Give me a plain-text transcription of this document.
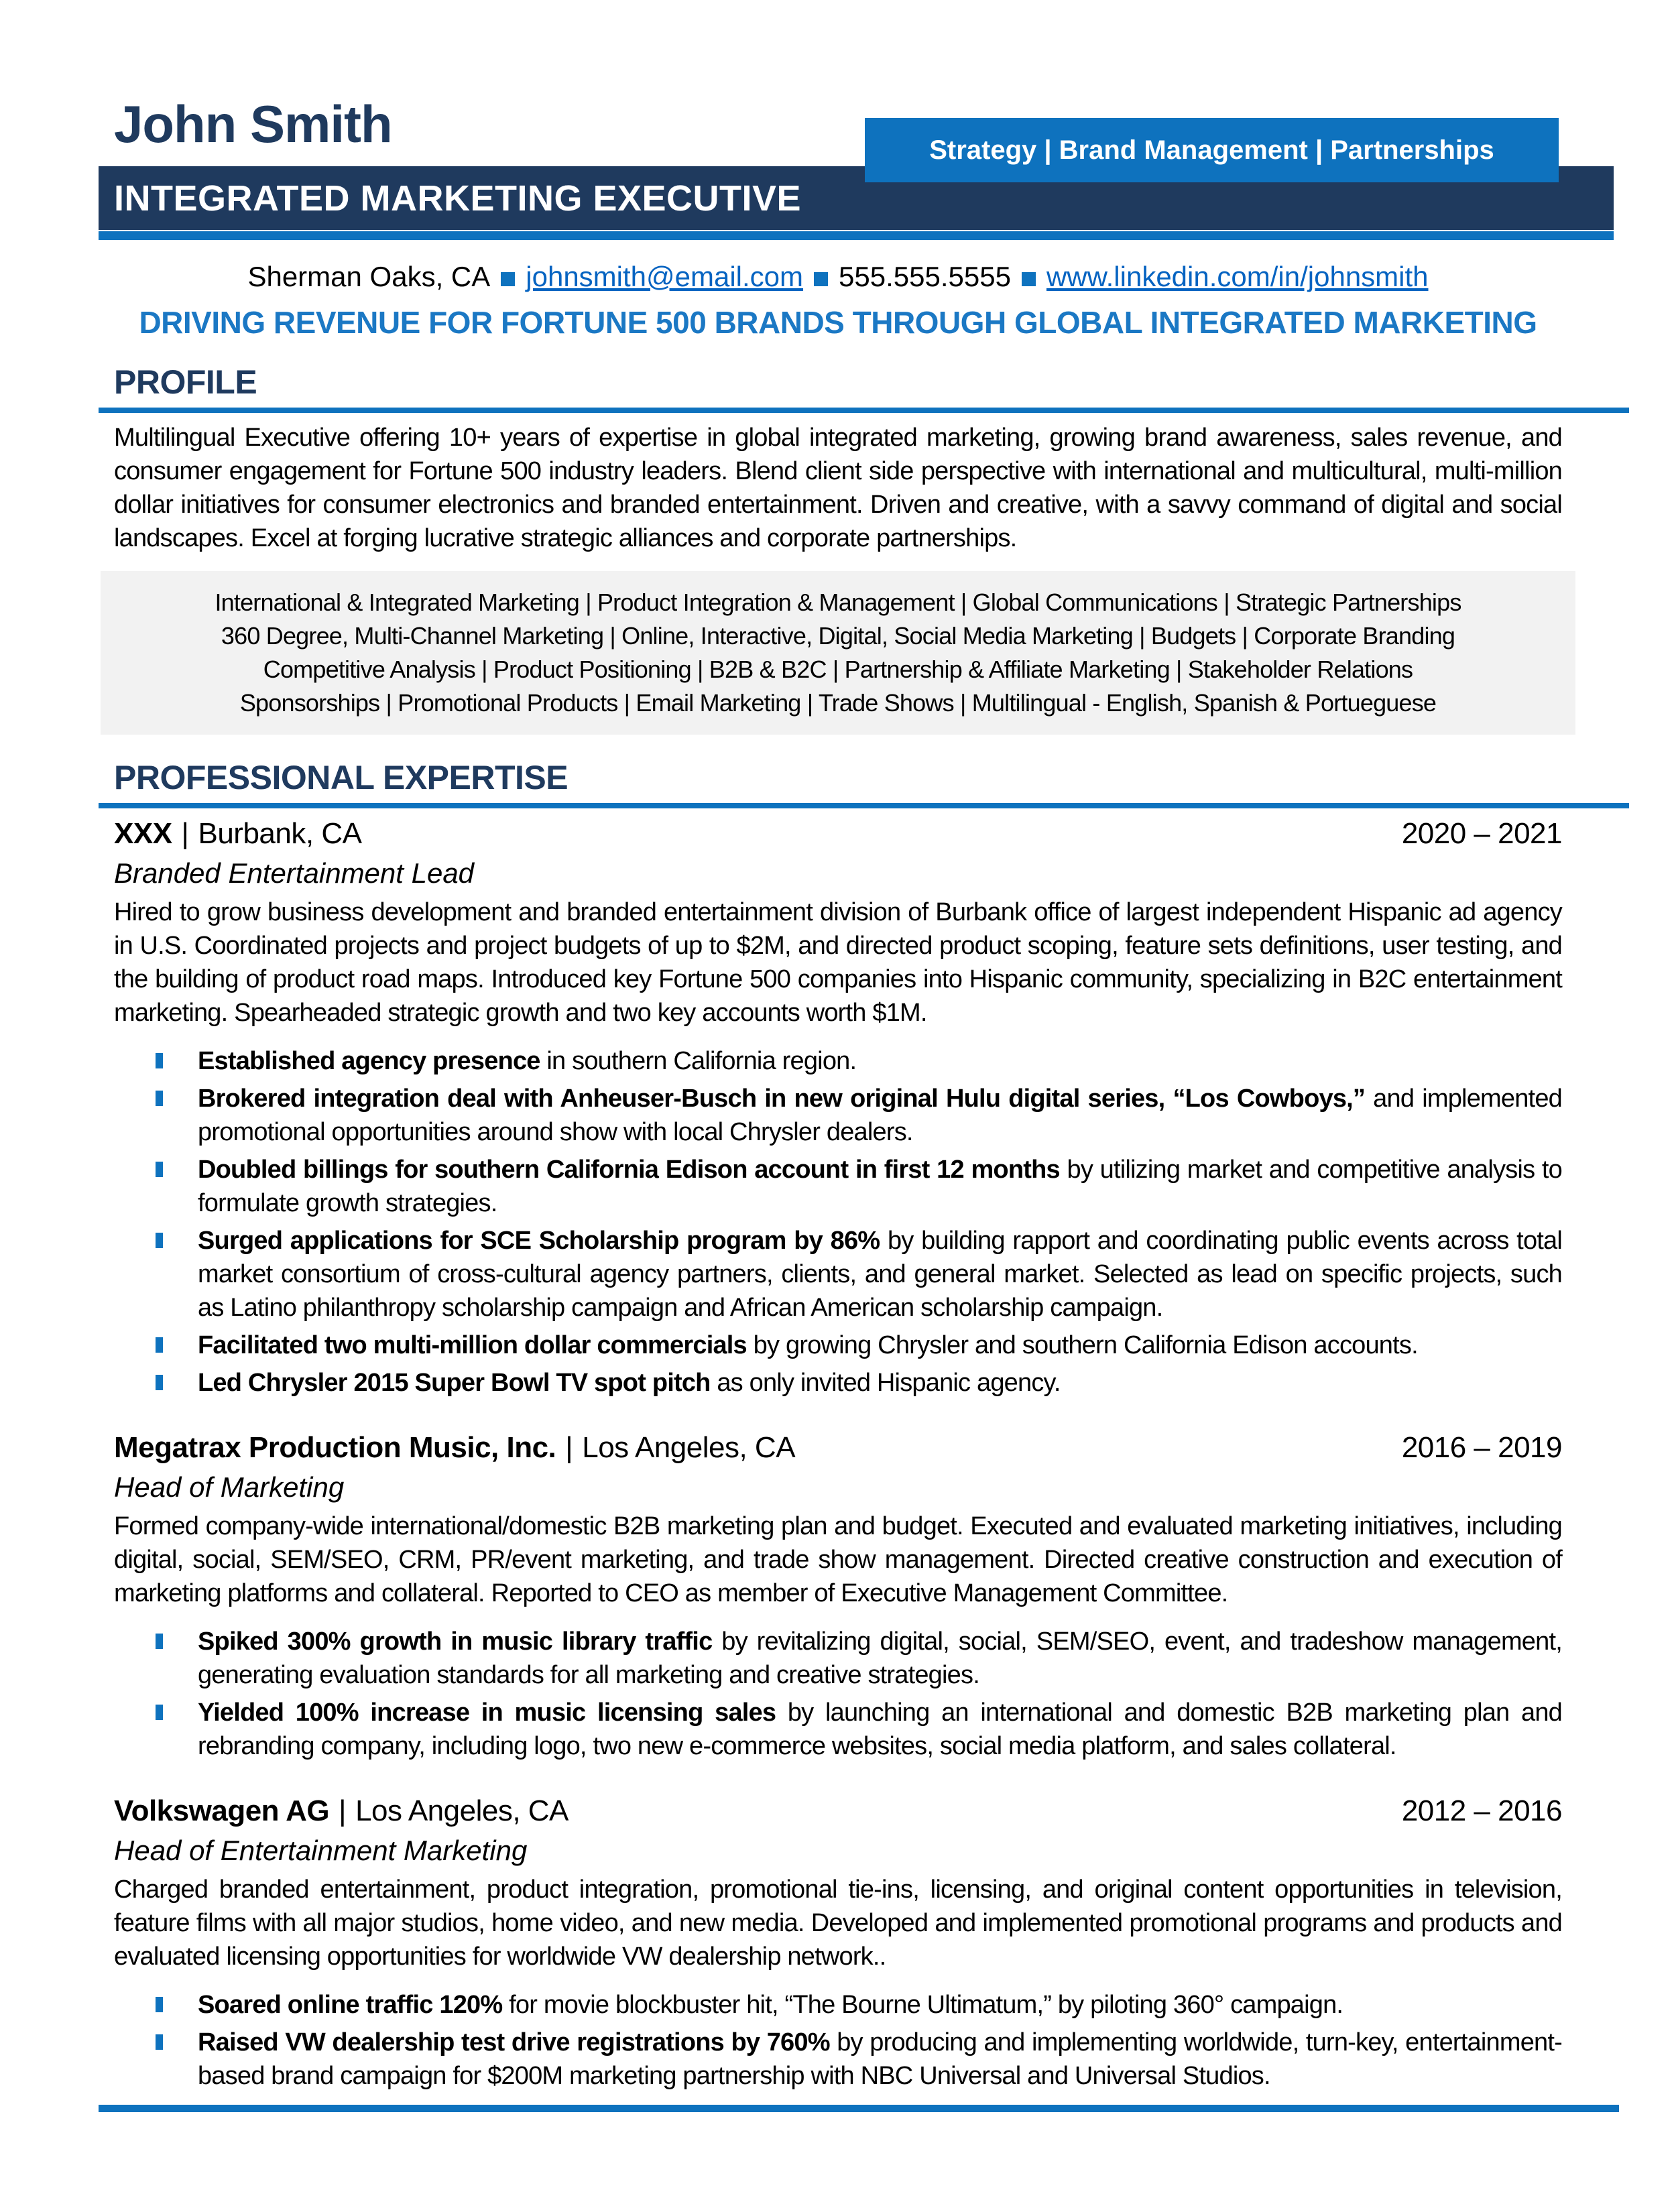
John Smith	Strategy | Brand Management | Partnerships
INTEGRATED MARKETING EXECUTIVE
Sherman Oaks, CA johnsmith@email.com 555.555.5555 www.linkedin.com/in/johnsmith
DRIVING REVENUE FOR FORTUNE 500 BRANDS THROUGH GLOBAL INTEGRATED MARKETING
PROFILE

Multilingual Executive offering 10+ years of expertise in global integrated marketing, growing brand awareness, sales revenue, and consumer engagement for Fortune 500 industry leaders. Blend client side perspective with international and multicultural, multi-million dollar initiatives for consumer electronics and branded entertainment. Driven and creative, with a savvy command of digital and social landscapes. Excel at forging lucrative strategic alliances and corporate partnerships.

International & Integrated Marketing | Product Integration & Management | Global Communications | Strategic Partnerships
360 Degree, Multi-Channel Marketing | Online, Interactive, Digital, Social Media Marketing | Budgets | Corporate Branding
Competitive Analysis | Product Positioning | B2B & B2C | Partnership & Affiliate Marketing | Stakeholder Relations
Sponsorships | Promotional Products | Email Marketing | Trade Shows | Multilingual - English, Spanish & Portueguese
PROFESSIONAL EXPERTISE
XXX | Burbank, CA	2020 – 2021
Branded Entertainment Lead

Hired to grow business development and branded entertainment division of Burbank office of largest independent Hispanic ad agency in U.S. Coordinated projects and project budgets of up to $2M, and directed product scoping, feature sets definitions, user testing, and the building of product road maps. Introduced key Fortune 500 companies into Hispanic community, specializing in B2C entertainment marketing. Spearheaded strategic growth and two key accounts worth $1M.

Established agency presence in southern California region.

Brokered integration deal with Anheuser-Busch in new original Hulu digital series, “Los Cowboys,” and implemented promotional opportunities around show with local Chrysler dealers.

Doubled billings for southern California Edison account in first 12 months by utilizing market and competitive analysis to formulate growth strategies.

Surged applications for SCE Scholarship program by 86% by building rapport and coordinating public events across total market consortium of cross-cultural agency partners, clients, and general market. Selected as lead on specific projects, such as Latino philanthropy scholarship campaign and African American scholarship campaign.

Facilitated two multi-million dollar commercials by growing Chrysler and southern California Edison accounts.

Led Chrysler 2015 Super Bowl TV spot pitch as only invited Hispanic agency.

Megatrax Production Music, Inc. | Los Angeles, CA	2016 – 2019
Head of Marketing

Formed company-wide international/domestic B2B marketing plan and budget. Executed and evaluated marketing initiatives, including digital, social, SEM/SEO, CRM, PR/event marketing, and trade show management. Directed creative construction and execution of marketing platforms and collateral. Reported to CEO as member of Executive Management Committee.

Spiked 300% growth in music library traffic by revitalizing digital, social, SEM/SEO, event, and tradeshow management, generating evaluation standards for all marketing and creative strategies.

Yielded 100% increase in music licensing sales by launching an international and domestic B2B marketing plan and rebranding company, including logo, two new e-commerce websites, social media platform, and sales collateral.

Volkswagen AG | Los Angeles, CA	2012 – 2016
Head of Entertainment Marketing

Charged branded entertainment, product integration, promotional tie-ins, licensing, and original content opportunities in television, feature films with all major studios, home video, and new media. Developed and implemented promotional programs and products and evaluated licensing opportunities for worldwide VW dealership network..

Soared online traffic 120% for movie blockbuster hit, “The Bourne Ultimatum,” by piloting 360° campaign.

Raised VW dealership test drive registrations by 760% by producing and implementing worldwide, turn-key, entertainment-based brand campaign for $200M marketing partnership with NBC Universal and Universal Studios.
